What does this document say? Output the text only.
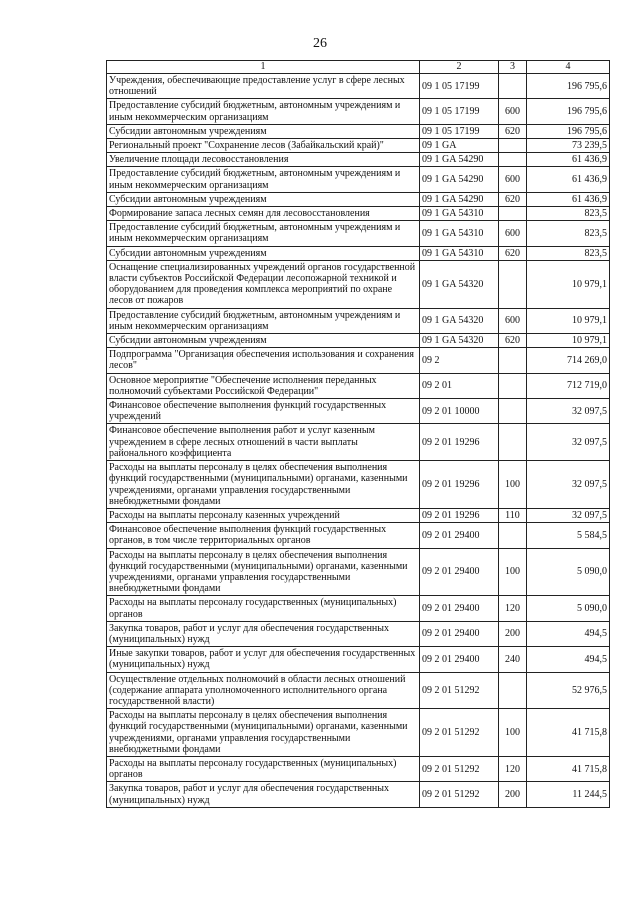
26
1	2	3	4
Учреждения, обеспечивающие предоставление услуг в сфере лесных отношений	09 1 05 17199		196 795,6
Предоставление субсидий бюджетным, автономным учреждениям и иным некоммерческим организациям	09 1 05 17199	600	196 795,6
Субсидии автономным учреждениям	09 1 05 17199	620	196 795,6
Региональный проект "Сохранение лесов (Забайкальский край)"	09 1 GA		73 239,5
Увеличение площади лесовосстановления	09 1 GA 54290		61 436,9
Предоставление субсидий бюджетным, автономным учреждениям и иным некоммерческим организациям	09 1 GA 54290	600	61 436,9
Субсидии автономным учреждениям	09 1 GA 54290	620	61 436,9
Формирование запаса лесных семян для лесовосстановления	09 1 GA 54310		823,5
Предоставление субсидий бюджетным, автономным учреждениям и иным некоммерческим организациям	09 1 GA 54310	600	823,5
Субсидии автономным учреждениям	09 1 GA 54310	620	823,5
Оснащение специализированных учреждений органов государственной власти субъектов Российской Федерации лесопожарной техникой и оборудованием для проведения комплекса мероприятий по охране лесов от пожаров	09 1 GA 54320		10 979,1
Предоставление субсидий бюджетным, автономным учреждениям и иным некоммерческим организациям	09 1 GA 54320	600	10 979,1
Субсидии автономным учреждениям	09 1 GA 54320	620	10 979,1
Подпрограмма "Организация обеспечения использования и сохранения лесов"	09 2		714 269,0
Основное мероприятие "Обеспечение исполнения переданных полномочий субъектами Российской Федерации"	09 2 01		712 719,0
Финансовое обеспечение выполнения функций государственных учреждений	09 2 01 10000		32 097,5
Финансовое обеспечение выполнения работ и услуг казенным учреждением в сфере лесных отношений в части выплаты районального коэффициента	09 2 01 19296		32 097,5
Расходы на выплаты персоналу в целях обеспечения выполнения функций государственными (муниципальными) органами, казенными учреждениями, органами управления государственными внебюджетными фондами	09 2 01 19296	100	32 097,5
Расходы на выплаты персоналу казенных учреждений	09 2 01 19296	110	32 097,5
Финансовое обеспечение выполнения функций государственных органов, в том числе территориальных органов	09 2 01 29400		5 584,5
Расходы на выплаты персоналу в целях обеспечения выполнения функций государственными (муниципальными) органами, казенными учреждениями, органами управления государственными внебюджетными фондами	09 2 01 29400	100	5 090,0
Расходы на выплаты персоналу государственных (муниципальных) органов	09 2 01 29400	120	5 090,0
Закупка товаров, работ и услуг для обеспечения государственных (муниципальных) нужд	09 2 01 29400	200	494,5
Иные закупки товаров, работ и услуг для обеспечения государственных (муниципальных) нужд	09 2 01 29400	240	494,5
Осуществление отдельных полномочий в области лесных отношений (содержание аппарата уполномоченного исполнительного органа государственной власти)	09 2 01 51292		52 976,5
Расходы на выплаты персоналу в целях обеспечения выполнения функций государственными (муниципальными) органами, казенными учреждениями, органами управления государственными внебюджетными фондами	09 2 01 51292	100	41 715,8
Расходы на выплаты персоналу государственных (муниципальных) органов	09 2 01 51292	120	41 715,8
Закупка товаров, работ и услуг для обеспечения государственных (муниципальных) нужд	09 2 01 51292	200	11 244,5
